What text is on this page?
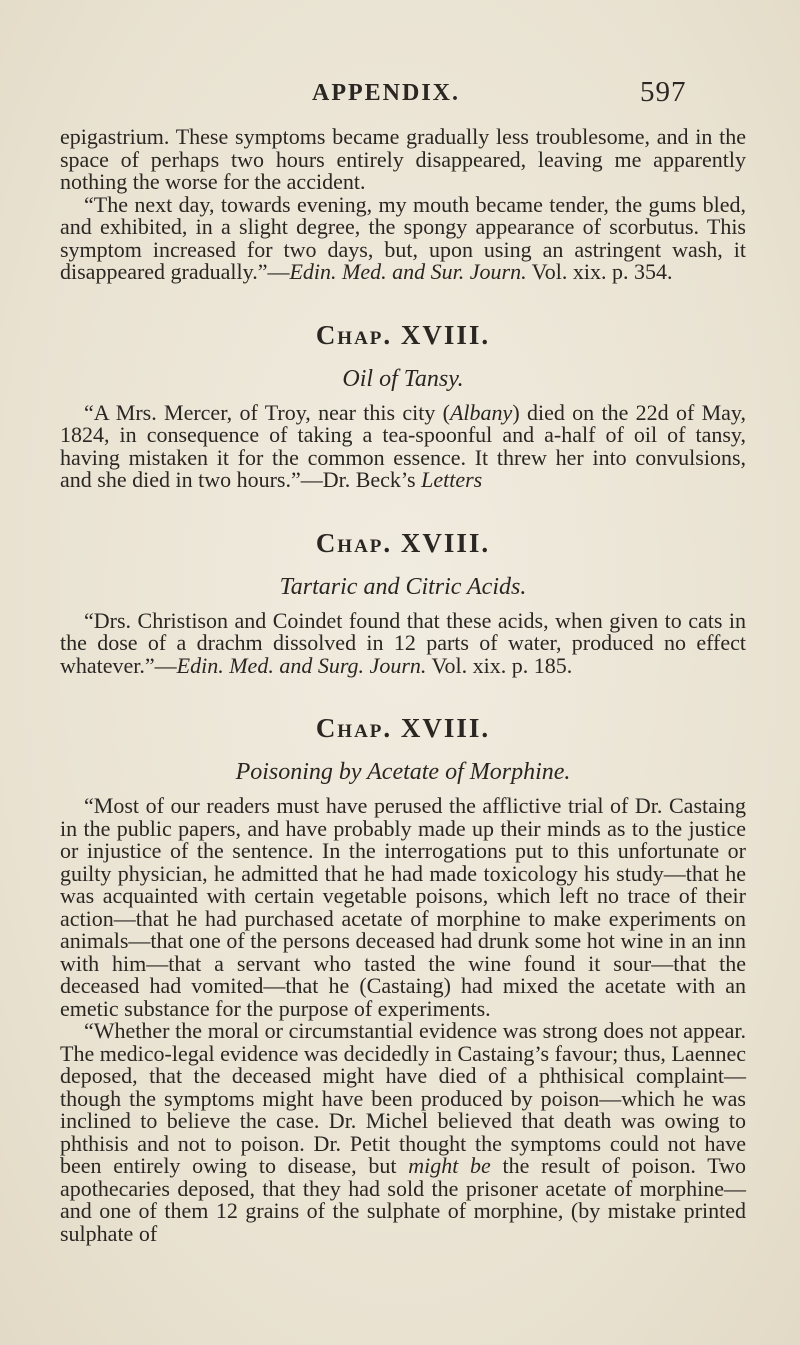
APPENDIX.	597

epigastrium. These symptoms became gradually less troublesome, and in the space of perhaps two hours entirely disappeared, leaving me apparently nothing the worse for the accident.

“The next day, towards evening, my mouth became tender, the gums bled, and exhibited, in a slight degree, the spongy appearance of scorbutus. This symptom increased for two days, but, upon using an astringent wash, it disappeared gradually.”—Edin. Med. and Sur. Journ. Vol. xix. p. 354.

Chap. XVIII.
Oil of Tansy.

“A Mrs. Mercer, of Troy, near this city (Albany) died on the 22d of May, 1824, in consequence of taking a tea-spoonful and a-half of oil of tansy, having mistaken it for the common essence. It threw her into convulsions, and she died in two hours.”—Dr. Beck’s Letters

Chap. XVIII.
Tartaric and Citric Acids.

“Drs. Christison and Coindet found that these acids, when given to cats in the dose of a drachm dissolved in 12 parts of water, produced no effect whatever.”—Edin. Med. and Surg. Journ. Vol. xix. p. 185.

Chap. XVIII.
Poisoning by Acetate of Morphine.

“Most of our readers must have perused the afflictive trial of Dr. Castaing in the public papers, and have probably made up their minds as to the justice or injustice of the sentence. In the interrogations put to this unfortunate or guilty physician, he admitted that he had made toxicology his study—that he was acquainted with certain vegetable poisons, which left no trace of their action—that he had purchased acetate of morphine to make experiments on animals—that one of the persons deceased had drunk some hot wine in an inn with him—that a servant who tasted the wine found it sour—that the deceased had vomited—that he (Castaing) had mixed the acetate with an emetic substance for the purpose of experiments.

“Whether the moral or circumstantial evidence was strong does not appear. The medico-legal evidence was decidedly in Castaing’s favour; thus, Laennec deposed, that the deceased might have died of a phthisical complaint—though the symptoms might have been produced by poison—which he was inclined to believe the case. Dr. Michel believed that death was owing to phthisis and not to poison. Dr. Petit thought the symptoms could not have been entirely owing to disease, but might be the result of poison. Two apothecaries deposed, that they had sold the prisoner acetate of morphine—and one of them 12 grains of the sulphate of morphine, (by mistake printed sulphate of
